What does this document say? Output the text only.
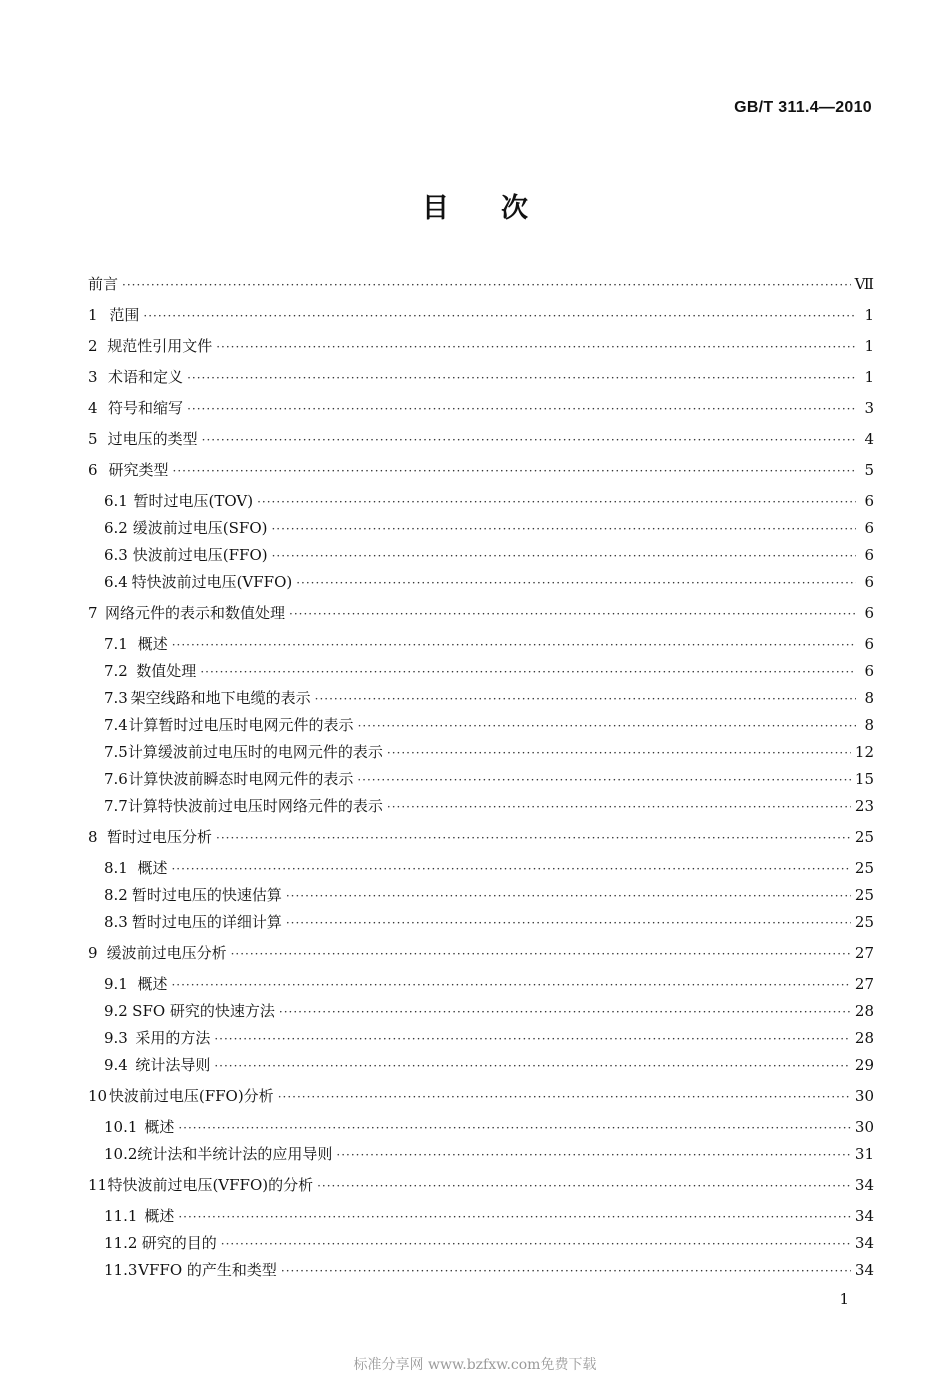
GB/T 311.4—2010
目 次
前言 ·····	Ⅶ
1 范围 ·····	1
2 规范性引用文件 ·····	1
3 术语和定义 ·····	1
4 符号和缩写 ·····	3
5 过电压的类型 ·····	4
6 研究类型 ·····	5
6.1 暂时过电压(TOV) ·····	6
6.2 缓波前过电压(SFO) ·····	6
6.3 快波前过电压(FFO) ·····	6
6.4 特快波前过电压(VFFO) ·····	6
7 网络元件的表示和数值处理 ·····	6
7.1 概述 ·····	6
7.2 数值处理 ·····	6
7.3 架空线路和地下电缆的表示 ·····	8
7.4 计算暂时过电压时电网元件的表示 ·····	8
7.5 计算缓波前过电压时的电网元件的表示 ·····	12
7.6 计算快波前瞬态时电网元件的表示 ·····	15
7.7 计算特快波前过电压时网络元件的表示 ·····	23
8 暂时过电压分析 ·····	25
8.1 概述 ·····	25
8.2 暂时过电压的快速估算 ·····	25
8.3 暂时过电压的详细计算 ·····	25
9 缓波前过电压分析 ·····	27
9.1 概述 ·····	27
9.2 SFO 研究的快速方法 ·····	28
9.3 采用的方法 ·····	28
9.4 统计法导则 ·····	29
10 快波前过电压(FFO)分析 ·····	30
10.1 概述 ·····	30
10.2 统计法和半统计法的应用导则 ·····	31
11 特快波前过电压(VFFO)的分析 ·····	34
11.1 概述 ·····	34
11.2 研究的目的 ·····	34
11.3 VFFO 的产生和类型 ·····	34
1
标准分享网 www.bzfxw.com免费下载
